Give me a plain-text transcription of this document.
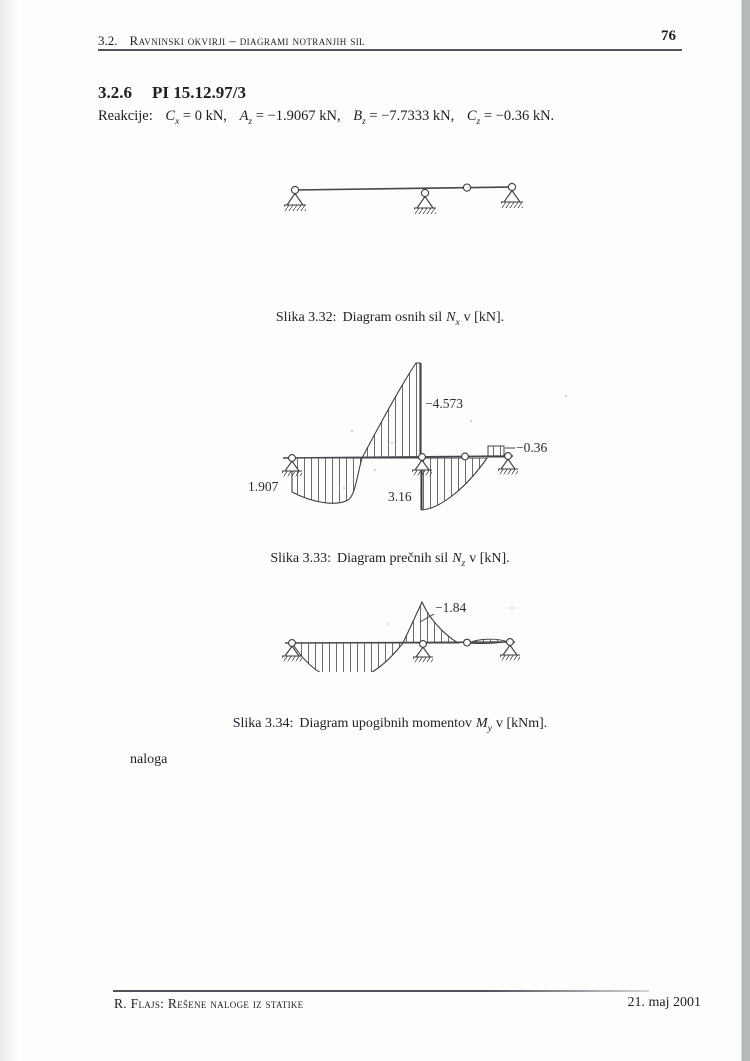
3.2. Ravninski okvirji – diagrami notranjih sil	76
3.2.6 PI 15.12.97/3
Reakcije: $C_x = 0$ kN, $A_z = -1.9067$ kN, $B_z = -7.7333$ kN, $C_z = -0.36$ kN.
Slika 3.32: Diagram osnih sil $N_x$ v [kN].
1.907
−4.573
3.16
−0.36
Slika 3.33: Diagram prečnih sil $N_z$ v [kN].
−1.84
Slika 3.34: Diagram upogibnih momentov $M_y$ v [kNm].
naloga
R. Flajs: Rešene naloge iz statike	21. maj 2001
